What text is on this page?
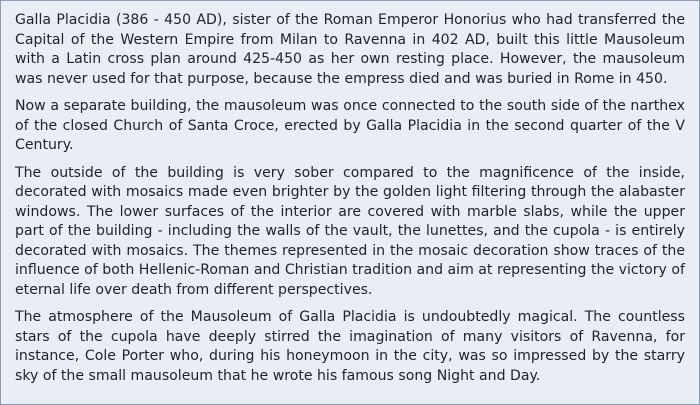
Galla Placidia (386 - 450 AD), sister of the Roman Emperor Honorius who had transferred the Capital of the Western Empire from Milan to Ravenna in 402 AD, built this little Mausoleum with a Latin cross plan around 425-450 as her own resting place. However, the mausoleum was never used for that purpose, because the empress died and was buried in Rome in 450.

Now a separate building, the mausoleum was once connected to the south side of the narthex of the closed Church of Santa Croce, erected by Galla Placidia in the second quarter of the V Century.

The outside of the building is very sober compared to the magnificence of the inside, decorated with mosaics made even brighter by the golden light filtering through the alabaster windows. The lower surfaces of the interior are covered with marble slabs, while the upper part of the building - including the walls of the vault, the lunettes, and the cupola - is entirely decorated with mosaics. The themes represented in the mosaic decoration show traces of the influence of both Hellenic-Roman and Christian tradition and aim at representing the victory of eternal life over death from different perspectives.

The atmosphere of the Mausoleum of Galla Placidia is undoubtedly magical. The countless stars of the cupola have deeply stirred the imagination of many visitors of Ravenna, for instance, Cole Porter who, during his honeymoon in the city, was so impressed by the starry sky of the small mausoleum that he wrote his famous song Night and Day.
